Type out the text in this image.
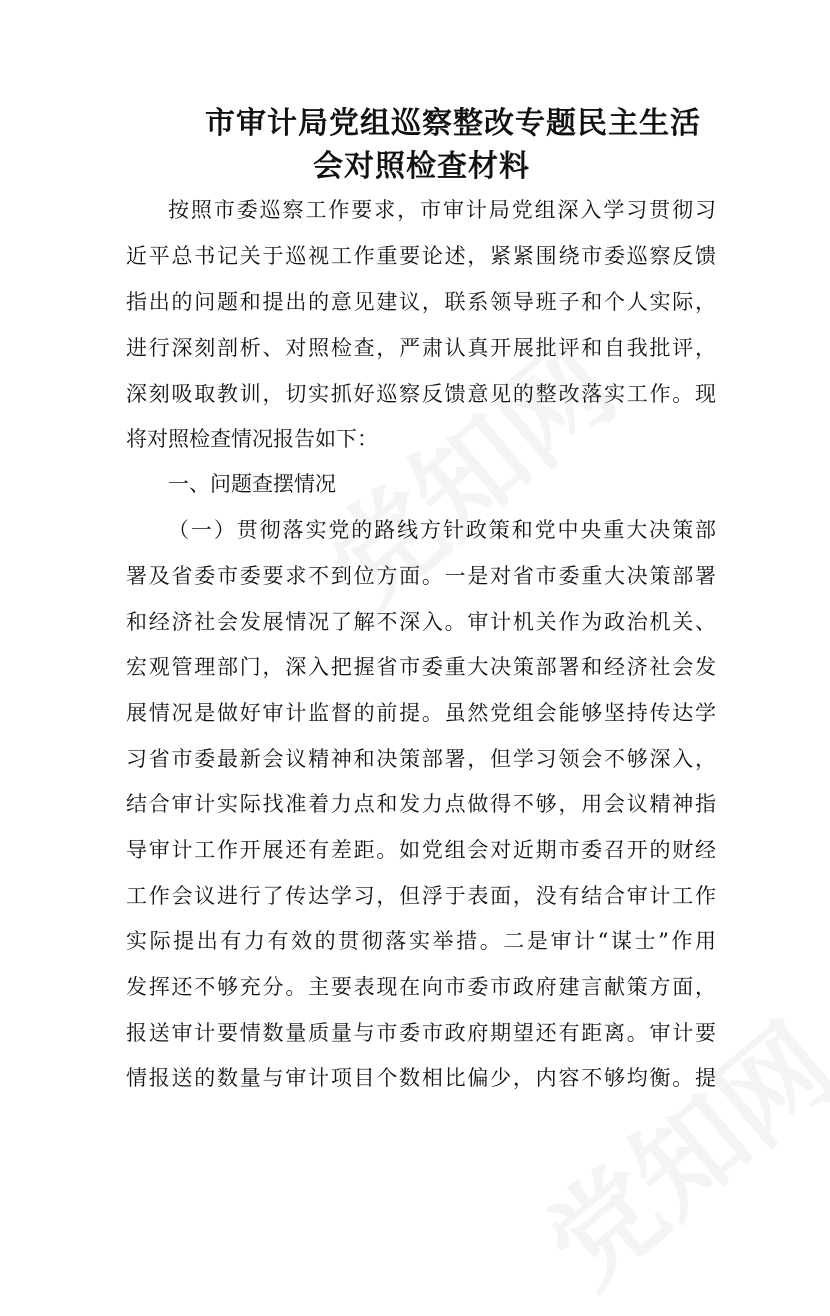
市审计局党组巡察整改专题民主生活
会对照检查材料
按照市委巡察工作要求，市审计局党组深入学习贯彻习
近平总书记关于巡视工作重要论述，紧紧围绕市委巡察反馈
指出的问题和提出的意见建议，联系领导班子和个人实际，
进行深刻剖析、对照检查，严肃认真开展批评和自我批评，
深刻吸取教训，切实抓好巡察反馈意见的整改落实工作。现
将对照检查情况报告如下：
一、问题查摆情况
（一）贯彻落实党的路线方针政策和党中央重大决策部
署及省委市委要求不到位方面。一是对省市委重大决策部署
和经济社会发展情况了解不深入。审计机关作为政治机关、
宏观管理部门，深入把握省市委重大决策部署和经济社会发
展情况是做好审计监督的前提。虽然党组会能够坚持传达学
习省市委最新会议精神和决策部署，但学习领会不够深入，
结合审计实际找准着力点和发力点做得不够，用会议精神指
导审计工作开展还有差距。如党组会对近期市委召开的财经
工作会议进行了传达学习，但浮于表面，没有结合审计工作
实际提出有力有效的贯彻落实举措。二是审计“谋士”作用
发挥还不够充分。主要表现在向市委市政府建言献策方面，
报送审计要情数量质量与市委市政府期望还有距离。审计要
情报送的数量与审计项目个数相比偏少，内容不够均衡。提
